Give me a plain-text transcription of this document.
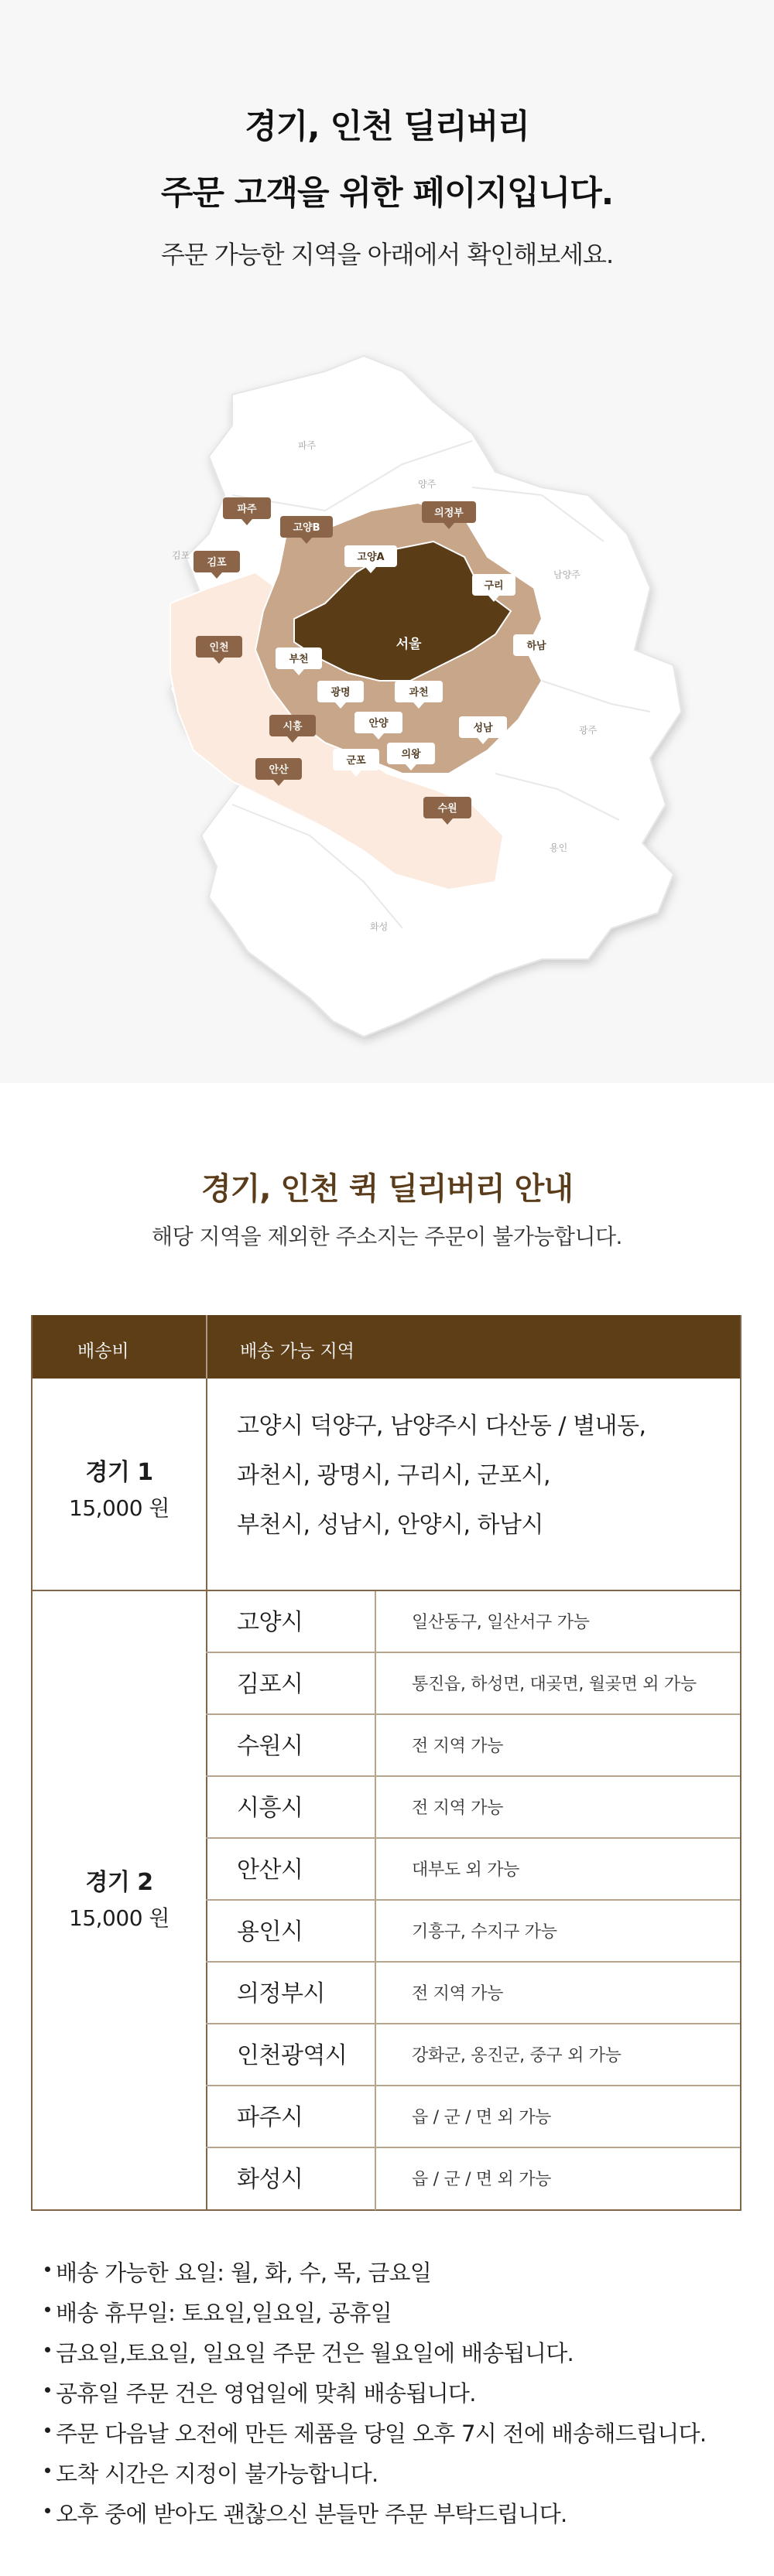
경기, 인천 딜리버리
주문 고객을 위한 페이지입니다.
주문 가능한 지역을 아래에서 확인해보세요.
파주
양주
김포
남양주
광주
용인
화성
파주
고양B
의정부
김포
인천
시흥
안산
수원
고양A
구리
부천
하남
광명	과천
안양	성남
의왕
군포
서울
경기, 인천 퀵 딜리버리 안내
해당 지역을 제외한 주소지는 주문이 불가능합니다.
배송비	배송 가능 지역
경기 1
15,000 원
고양시 덕양구, 남양주시 다산동 / 별내동,
과천시, 광명시, 구리시, 군포시,
부천시, 성남시, 안양시, 하남시
경기 2
15,000 원
고양시	일산동구, 일산서구 가능
김포시	통진읍, 하성면, 대곶면, 월곶면 외 가능
수원시	전 지역 가능
시흥시	전 지역 가능
안산시	대부도 외 가능
용인시	기흥구, 수지구 가능
의정부시	전 지역 가능
인천광역시	강화군, 옹진군, 중구 외 가능
파주시	읍 / 군 / 면 외 가능
화성시	읍 / 군 / 면 외 가능
배송 가능한 요일: 월, 화, 수, 목, 금요일
배송 휴무일: 토요일,일요일, 공휴일
금요일,토요일, 일요일 주문 건은 월요일에 배송됩니다.
공휴일 주문 건은 영업일에 맞춰 배송됩니다.
주문 다음날 오전에 만든 제품을 당일 오후 7시 전에 배송해드립니다.
도착 시간은 지정이 불가능합니다.
오후 중에 받아도 괜찮으신 분들만 주문 부탁드립니다.
